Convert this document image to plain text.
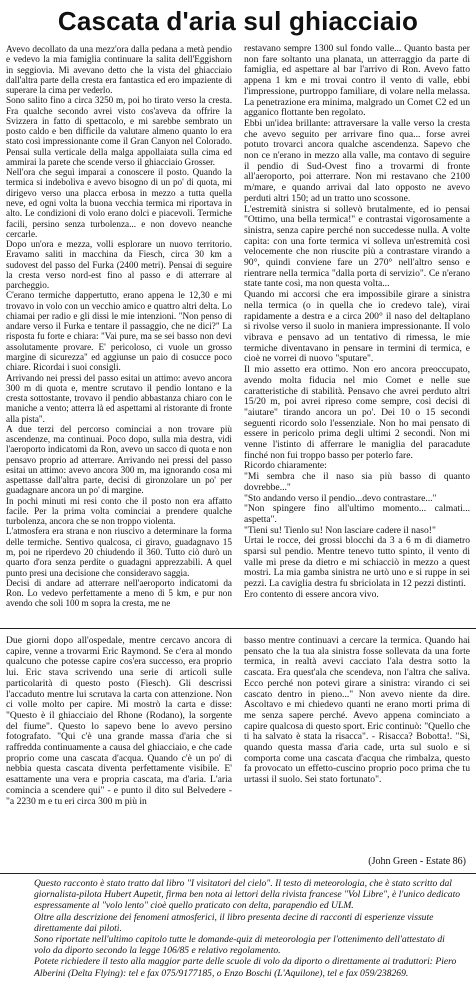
Cascata d'aria sul ghiacciaio

Avevo decollato da una mezz'ora dalla pedana a metà pendio e vedevo la mia famiglia continuare la salita dell'Eggishorn in seggiovia. Mi avevano detto che la vista del ghiacciaio dall'altra parte della cresta era fantastica ed ero impaziente di superare la cima per vederlo.

Sono salito fino a circa 3250 m, poi ho tirato verso la cresta. Fra qualche secondo avrei visto cos'aveva da offrire la Svizzera in fatto di spettacolo, e mi sarebbe sembrato un posto caldo e ben difficile da valutare almeno quanto lo era stato così impressionante come il Gran Canyon nel Colorado. Pensai sulla verticale della malga appollaiata sulla cima ed ammirai la parete che scende verso il ghiacciaio Grosser.

Nell'ora che seguì imparai a conoscere il posto. Quando la termica si indeboliva e avevo bisogno di un po' di quota, mi dirigevo verso una placca erbosa in mezzo a tutta quella neve, ed ogni volta la buona vecchia termica mi riportava in alto. Le condizioni di volo erano dolci e piacevoli. Termiche facili, persino senza turbolenza... e non dovevo neanche cercarle.

Dopo un'ora e mezza, volli esplorare un nuovo territorio. Eravamo saliti in macchina da Fiesch, circa 30 km a sudovest del passo del Furka (2400 metri). Pensai di seguire la cresta verso nord-est fino al passo e di atterrare al parcheggio.

C'erano termiche dappertutto, erano appena le 12,30 e mi trovavo in volo con un vecchio amico e quattro altri delta. Lo chiamai per radio e gli dissi le mie intenzioni. "Non penso di andare verso il Furka e tentare il passaggio, che ne dici?" La risposta fu forte e chiara: "Vai pure, ma se sei basso non devi assolutamente provare. E' pericoloso, ci vuole un grosso margine di sicurezza" ed aggiunse un paio di cosucce poco chiare. Ricordai i suoi consigli.

Arrivando nei pressi del passo esitai un attimo: avevo ancora 300 m di quota e, mentre scrutavo il pendio lontano e la cresta sottostante, trovavo il pendio abbastanza chiaro con le maniche a vento; atterra là ed aspettami al ristorante di fronte alla pista".

A due terzi del percorso cominciai a non trovare più ascendenze, ma continuai. Poco dopo, sulla mia destra, vidi l'aeroporto indicatomi da Ron, avevo un sacco di quota e non pensavo proprio ad atterrare. Arrivando nei pressi del passo esitai un attimo: avevo ancora 300 m, ma ignorando cosa mi aspettasse dall'altra parte, decisi di gironzolare un po' per guadagnare ancora un po' di margine.

In pochi minuti mi resi conto che il posto non era affatto facile. Per la prima volta cominciai a prendere qualche turbolenza, ancora che se non troppo violenta.

L'atmosfera era strana e non riuscivo a determinare la forma delle termiche. Sentivo qualcosa, ci giravo, guadagnavo 15 m, poi ne riperdevo 20 chiudendo il 360. Tutto ciò durò un quarto d'ora senza perdite o guadagni apprezzabili. A quel punto presi una decisione che consideravo saggia.

Decisi di andare ad atterrare nell'aeroporto indicatomi da Ron. Lo vedevo perfettamente a meno di 5 km, e pur non avendo che soli 100 m sopra la cresta, me ne

restavano sempre 1300 sul fondo valle... Quanto basta per non fare soltanto una planata, un atterraggio da parte di famiglia, ed aspettare al bar l'arrivo di Ron. Avevo fatto appena 1 km e mi trovai contro il vento di valle, ebbi l'impressione, purtroppo familiare, di volare nella melassa. La penetrazione era minima, malgrado un Comet C2 ed un agganico flottante ben regolato.

Ebbi un'idea brillante: attraversare la valle verso la cresta che avevo seguito per arrivare fino qua... forse avrei potuto trovarci ancora qualche ascendenza. Sapevo che non ce n'erano in mezzo alla valle, ma contavo di seguire il pendio di Sud-Ovest fino a trovarmi di fronte all'aeroporto, poi atterrare. Non mi restavano che 2100 m/mare, e quando arrivai dal lato opposto ne avevo perduti altri 150; ad un tratto uno scossone.

L'estremità sinistra si sollevò brutalmente, ed io pensai "Ottimo, una bella termica!" e contrastai vigorosamente a sinistra, senza capire perché non succedesse nulla. A volte capita: con una forte termica vi solleva un'estremità così velocemente che non riuscite più a contrastare virando a 90°, quindi conviene fare un 270° nell'altro senso e rientrare nella termica "dalla porta di servizio". Ce n'erano state tante così, ma non questa volta...

Quando mi accorsi che era impossibile girare a sinistra nella termica (o in quella che io credevo tale), virai rapidamente a destra e a circa 200° il naso del deltaplano si rivolse verso il suolo in maniera impressionante. Il volo vibrava e pensavo ad un tentativo di rimessa, le mie termiche diventavano in pensare in termini di termica, e cioè ne vorrei di nuovo "sputare".

Il mio assetto era ottimo. Non ero ancora preoccupato, avendo molta fiducia nel mio Comet e nelle sue caratteristiche di stabilità. Pensavo che avrei perduto altri 15/20 m, poi avrei ripreso come sempre, così decisi di "aiutare" tirando ancora un po'. Dei 10 o 15 secondi seguenti ricordo solo l'essenziale. Non ho mai pensato di essere in pericolo prima degli ultimi 2 secondi. Non mi venne l'istinto di afferrare le maniglia del paracadute finché non fui troppo basso per poterlo fare.

Ricordo chiaramente:

"Mi sembra che il naso sia più basso di quanto dovrebbe..."

"Sto andando verso il pendio...devo contrastare..."

"Non spingere fino all'ultimo momento... calmati... aspetta".

"Tieni su! Tienlo su! Non lasciare cadere il naso!"

Urtai le rocce, dei grossi blocchi da 3 a 6 m di diametro sparsi sul pendio. Mentre tenevo tutto spinto, il vento di valle mi prese da dietro e mi schiacciò in mezzo a quest mostri. La mia gamba sinistra ne urtò uno e si ruppe in sei pezzi. La caviglia destra fu sbriciolata in 12 pezzi distinti.

Ero contento di essere ancora vivo.

Due giorni dopo all'ospedale, mentre cercavo ancora di capire, venne a trovarmi Eric Raymond. Se c'era al mondo qualcuno che potesse capire cos'era successo, era proprio lui. Eric stava scrivendo una serie di articoli sulle particolarità di questo posto (Fiesch). Gli descrissi l'accaduto mentre lui scrutava la carta con attenzione. Non ci volle molto per capire. Mi mostrò la carta e disse: "Questo è il ghiacciaio del Rhone (Rodano), la sorgente del fiume". Questo lo sapevo bene lo avevo persino fotografato. "Qui c'è una grande massa d'aria che si raffredda continuamente a causa del ghiacciaio, e che cade proprio come una cascata d'acqua. Quando c'è un po' di nebbia questa cascata diventa perfettamente visibile. E' esattamente una vera e propria cascata, ma d'aria. L'aria comincia a scendere qui" - e punto il dito sul Belvedere - "a 2230 m e tu eri circa 300 m più in

basso mentre continuavi a cercare la termica. Quando hai pensato che la tua ala sinistra fosse sollevata da una forte termica, in realtà avevi cacciato l'ala destra sotto la cascata. Era quest'ala che scendeva, non l'altra che saliva. Ecco perché non potevi girare a sinistra: virando ci sei cascato dentro in pieno..." Non avevo niente da dire. Ascoltavo e mi chiedevo quanti ne erano morti prima di me senza sapere perché. Avevo appena cominciato a capire qualcosa di questo sport. Eric continuò: "Quello che ti ha salvato è stata la risacca". - Risacca? Bobotta!. "Sì, quando questa massa d'aria cade, urta sul suolo e si comporta come una cascata d'acqua che rimbalza, questo fa provocato un effetto-cuscino proprio poco prima che tu urtassi il suolo. Sei stato fortunato".

(John Green - Estate 86)

Questo racconto è stato tratto dal libro "I visitatori del cielo". Il testo di meteorologia, che è stato scritto dal giornalista-pilota Hubert Aupetit, firma ben nota ai lettori della rivista francese "Vol Libre", è l'unico dedicato espressamente al "volo lento" cioè quello praticato con delta, parapendio ed ULM.

Oltre alla descrizione dei fenomeni atmosferici, il libro presenta decine di racconti di esperienze vissute direttamente dai piloti.

Sono riportate nell'ultimo capitolo tutte le domande-quiz di meteorologia per l'ottenimento dell'attestato di volo da diporto secondo la legge 106/85 e relativo regolamento.

Potete richiedere il testo alla maggior parte delle scuole di volo da diporto o direttamente ai traduttori: Piero Alberini (Delta Flying): tel e fax 075/9177185, o Enzo Boschi (L'Aquilone), tel e fax 059/238269.
